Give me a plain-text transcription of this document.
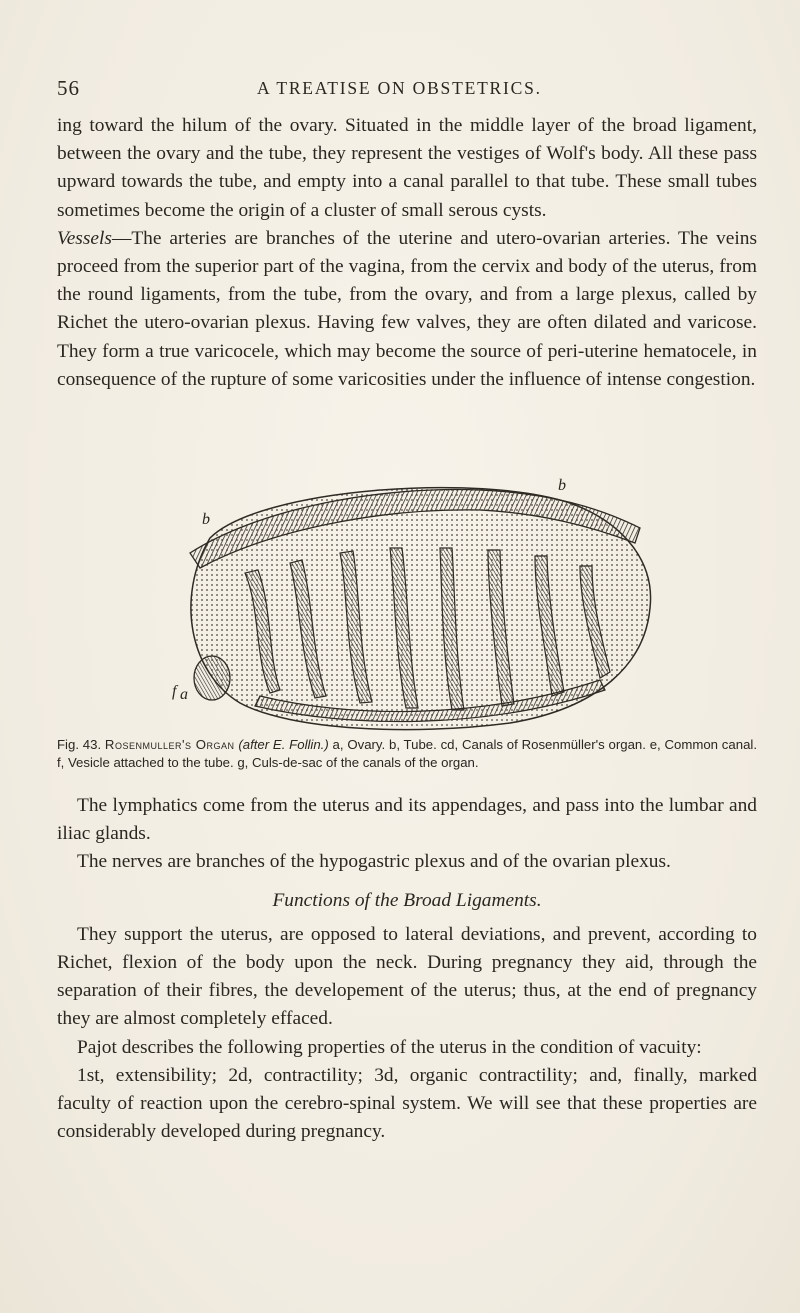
56	A TREATISE ON OBSTETRICS.

ing toward the hilum of the ovary. Situated in the middle layer of the broad ligament, between the ovary and the tube, they represent the vestiges of Wolf's body. All these pass upward towards the tube, and empty into a canal parallel to that tube. These small tubes sometimes become the origin of a cluster of small serous cysts.
Vessels—The arteries are branches of the uterine and utero-ovarian arteries. The veins proceed from the superior part of the vagina, from the cervix and body of the uterus, from the round ligaments, from the tube, from the ovary, and from a large plexus, called by Richet the utero-ovarian plexus. Having few valves, they are often dilated and varicose. They form a true varicocele, which may become the source of peri-uterine hematocele, in consequence of the rupture of some varicosities under the influence of intense congestion.

b
b
f a
Fig. 43. Rosenmuller's Organ (after E. Follin.) a, Ovary. b, Tube. cd, Canals of Rosenmüller's organ. e, Common canal. f, Vesicle attached to the tube. g, Culs-de-sac of the canals of the organ.

The lymphatics come from the uterus and its appendages, and pass into the lumbar and iliac glands.

The nerves are branches of the hypogastric plexus and of the ovarian plexus.

Functions of the Broad Ligaments.

They support the uterus, are opposed to lateral deviations, and prevent, according to Richet, flexion of the body upon the neck. During pregnancy they aid, through the separation of their fibres, the developement of the uterus; thus, at the end of pregnancy they are almost completely effaced.

Pajot describes the following properties of the uterus in the condition of vacuity:

1st, extensibility; 2d, contractility; 3d, organic contractility; and, finally, marked faculty of reaction upon the cerebro-spinal system. We will see that these properties are considerably developed during pregnancy.
